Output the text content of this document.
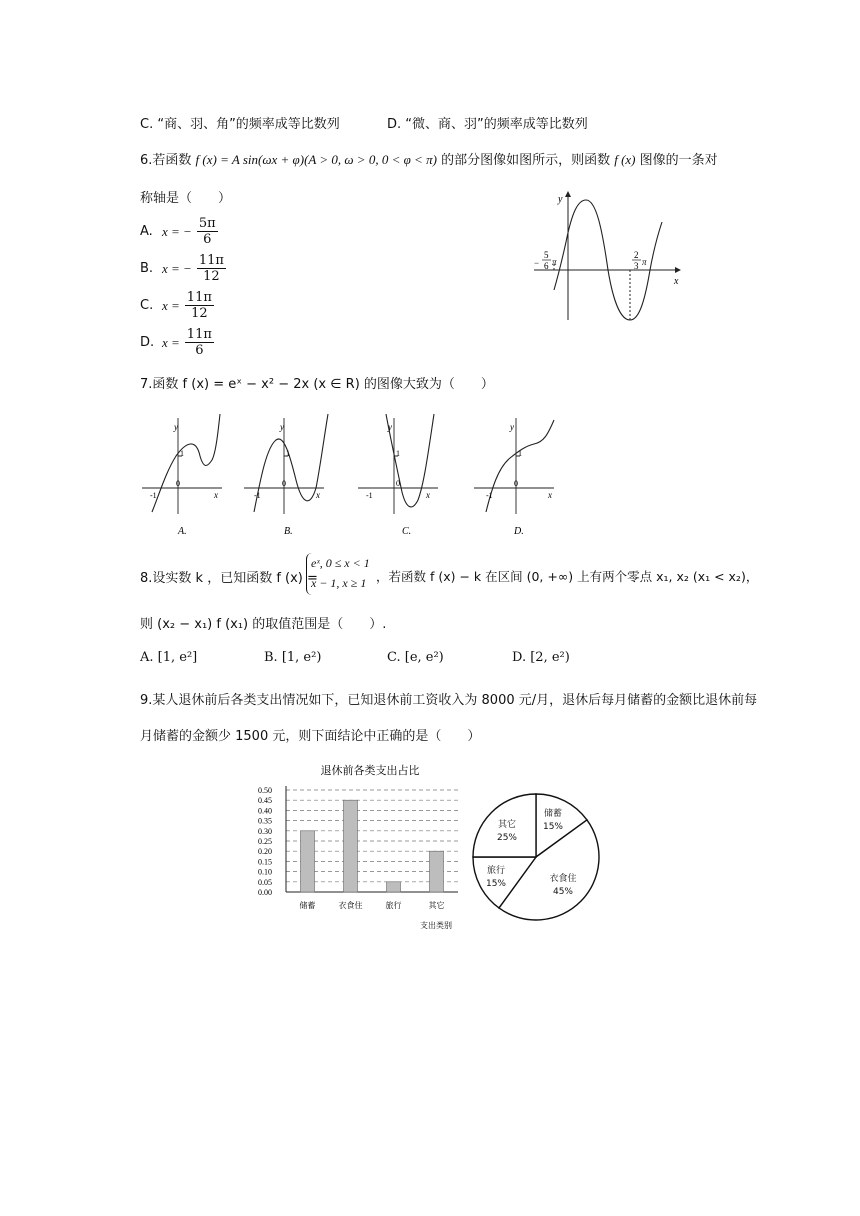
C. “商、羽、角”的频率成等比数列	D. “微、商、羽”的频率成等比数列
6.若函数 f (x) = A sin(ωx + φ)(A > 0, ω > 0, 0 < φ < π) 的部分图像如图所示，则函数 f (x) 图像的一条对
称轴是（　　）
A. x = − $\frac{5\pi}{6}$
B. x = − $\frac{11\pi}{12}$
C. $x = \frac{11\pi}{12}$
D. $x = \frac{11\pi}{6}$
y
x
−
5
6 π
2
3 π
7.函数 f (x) = eˣ − x² − 2x (x ∈ R) 的图像大致为（　　）
y
x
1
-1
0
A.
y
x
1
-1
0
B.
y
x
1
-1
0
C.
y
x
1
-1
0
D.
8.设实数 k ，已知函数 f (x) =
eˣ, 0 ≤ x < 1
x − 1, x ≥ 1 ，若函数 f (x) − k 在区间 (0, +∞) 上有两个零点 x₁, x₂ (x₁ < x₂)，
则 (x₂ − x₁) f (x₁) 的取值范围是（　　）.
A. [1, e²]	B. [1, e²)	C. [e, e²)	D. [2, e²)
9.某人退休前后各类支出情况如下，已知退休前工资收入为 8000 元/月，退休后每月储蓄的金额比退休前每
月储蓄的金额少 1500 元，则下面结论中正确的是（　　）
退休前各类支出占比
0.00
0.05
0.10
0.15
0.20
0.25
0.30
0.35
0.40
0.45
0.50
储蓄	衣食住	旅行	其它
支出类别
储蓄
15%
其它
25%
旅行
15%	衣食住
45%
